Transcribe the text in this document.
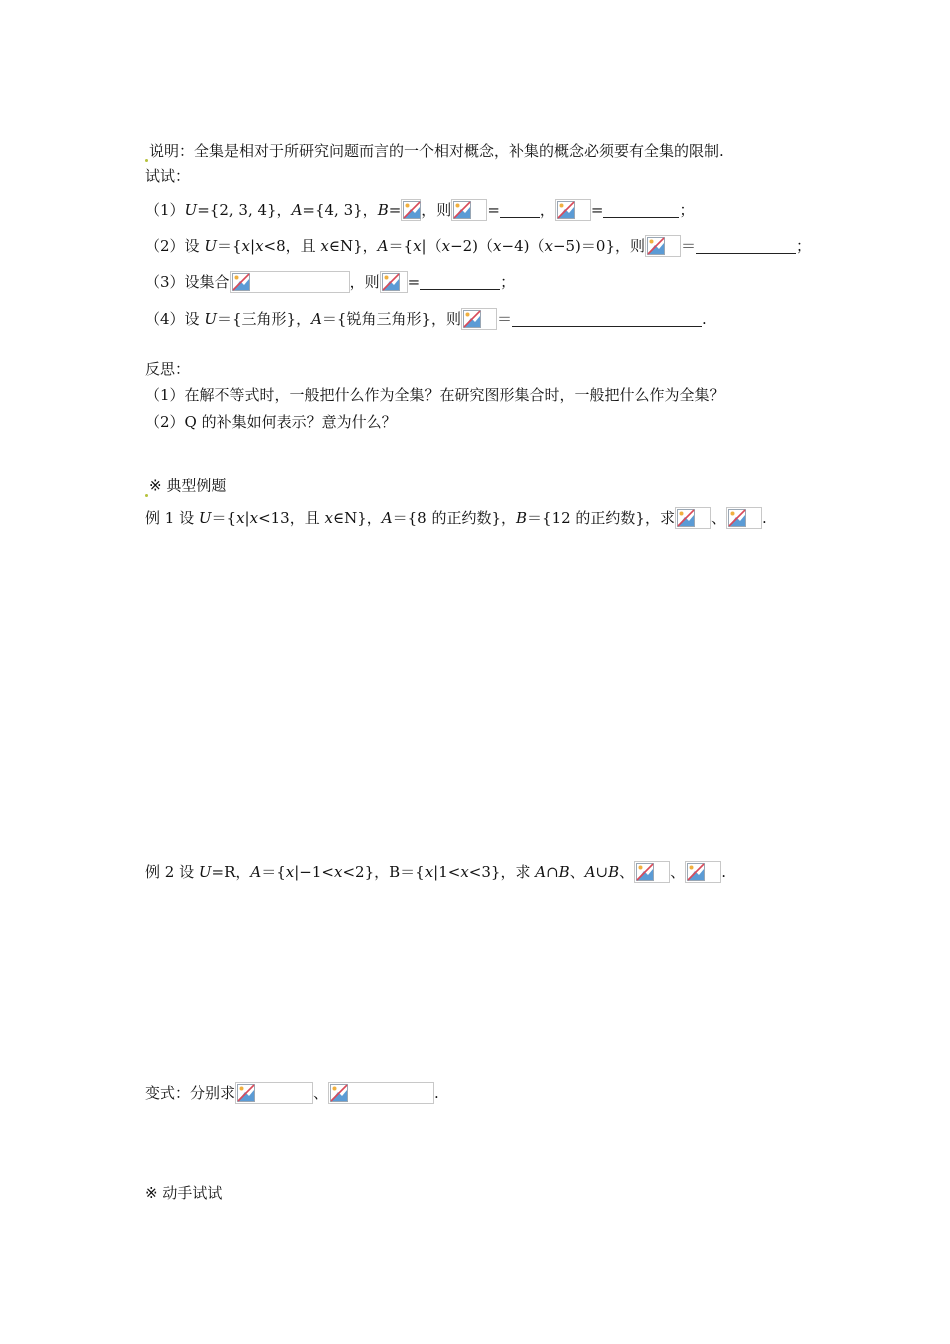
说明：全集是相对于所研究问题而言的一个相对概念，补集的概念必须要有全集的限制.
试试：
（1）U={2, 3, 4}，A={4, 3}，B= ，则 =	， =	；
（2）设 U＝{x|x<8，且 x∈N}，A＝{x|（x−2)（x−4)（x−5)＝0}，则 ＝	；
（3）设集合	，则 =	；
（4）设 U＝{三角形}，A＝{锐角三角形}，则 ＝	.
反思：
（1）在解不等式时，一般把什么作为全集？在研究图形集合时，一般把什么作为全集？
（2）Q 的补集如何表示？意为什么？
※ 典型例题
例 1 设 U＝{x|x<13，且 x∈N}，A＝{8 的正约数}，B＝{12 的正约数}，求 、 .
例 2 设 U=R，A＝{x|−1<x<2}，B＝{x|1<x<3}，求 A∩B、A∪B、 、 .
变式：分别求	、	.
※ 动手试试
